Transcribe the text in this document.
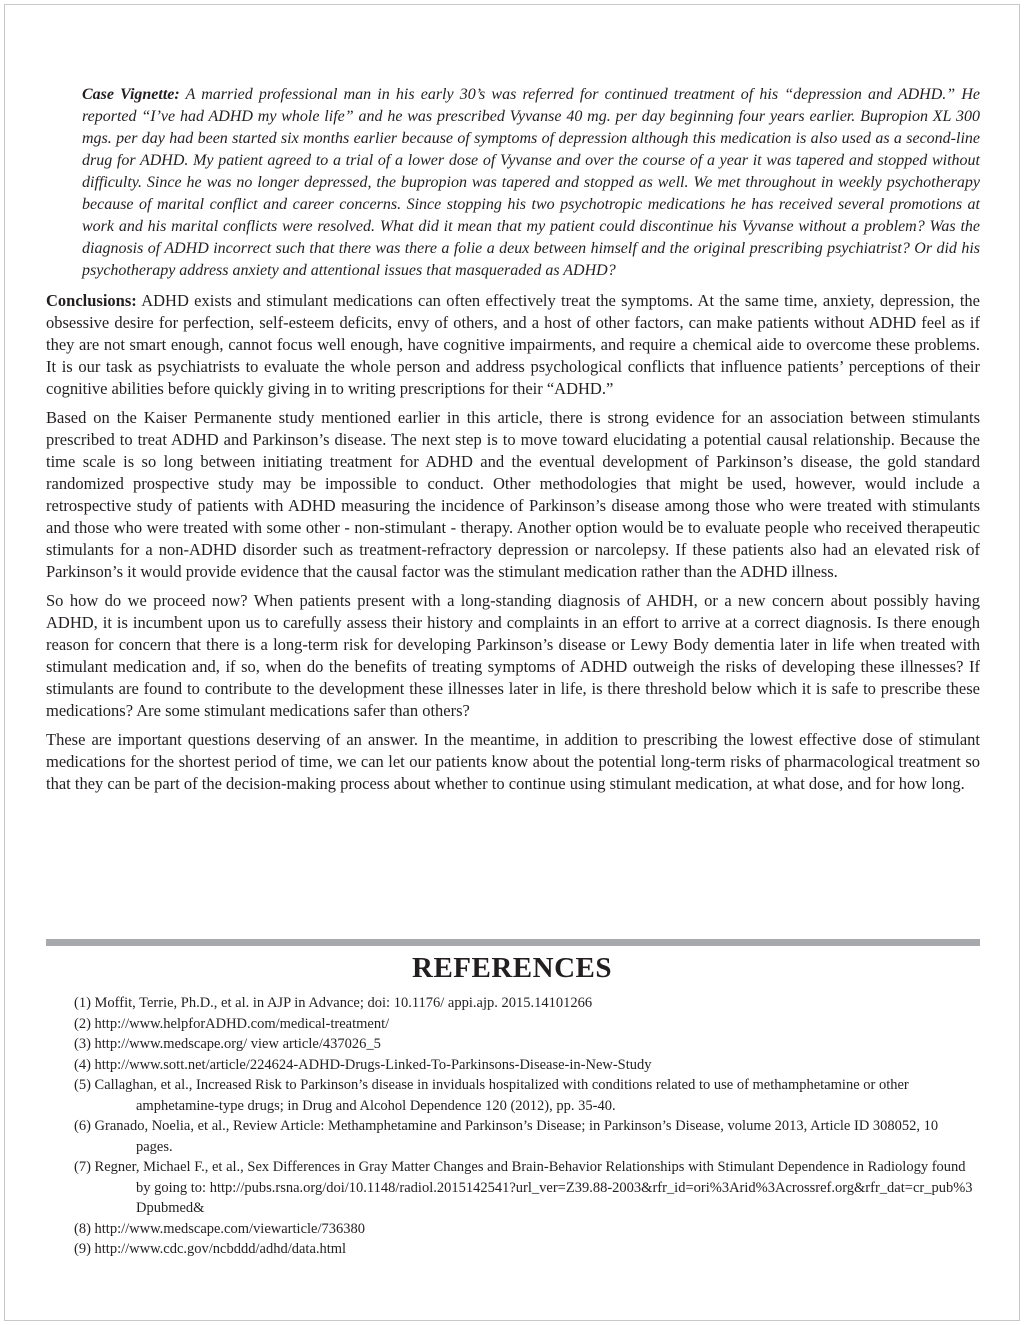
Case Vignette: A married professional man in his early 30’s was referred for continued treatment of his “depression and ADHD.” He reported “I’ve had ADHD my whole life” and he was prescribed Vyvanse 40 mg. per day beginning four years earlier. Bupropion XL 300 mgs. per day had been started six months earlier because of symptoms of depression although this medication is also used as a second-line drug for ADHD. My patient agreed to a trial of a lower dose of Vyvanse and over the course of a year it was tapered and stopped without difficulty. Since he was no longer depressed, the bupropion was tapered and stopped as well. We met throughout in weekly psychotherapy because of marital conflict and career concerns. Since stopping his two psychotropic medications he has received several promotions at work and his marital conflicts were resolved. What did it mean that my patient could discontinue his Vyvanse without a problem? Was the diagnosis of ADHD incorrect such that there was there a folie a deux between himself and the original prescribing psychiatrist? Or did his psychotherapy address anxiety and attentional issues that masqueraded as ADHD?
Conclusions: ADHD exists and stimulant medications can often effectively treat the symptoms. At the same time, anxiety, depression, the obsessive desire for perfection, self-esteem deficits, envy of others, and a host of other factors, can make patients without ADHD feel as if they are not smart enough, cannot focus well enough, have cognitive impairments, and require a chemical aide to overcome these problems. It is our task as psychiatrists to evaluate the whole person and address psychological conflicts that influence patients’ perceptions of their cognitive abilities before quickly giving in to writing prescriptions for their “ADHD.”
Based on the Kaiser Permanente study mentioned earlier in this article, there is strong evidence for an association between stimulants prescribed to treat ADHD and Parkinson’s disease. The next step is to move toward elucidating a potential causal relationship. Because the time scale is so long between initiating treatment for ADHD and the eventual development of Parkinson’s disease, the gold standard randomized prospective study may be impossible to conduct. Other methodologies that might be used, however, would include a retrospective study of patients with ADHD measuring the incidence of Parkinson’s disease among those who were treated with stimulants and those who were treated with some other - non-stimulant - therapy. Another option would be to evaluate people who received therapeutic stimulants for a non-ADHD disorder such as treatment-refractory depression or narcolepsy. If these patients also had an elevated risk of Parkinson’s it would provide evidence that the causal factor was the stimulant medication rather than the ADHD illness.
So how do we proceed now? When patients present with a long-standing diagnosis of AHDH, or a new concern about possibly having ADHD, it is incumbent upon us to carefully assess their history and complaints in an effort to arrive at a correct diagnosis. Is there enough reason for concern that there is a long-term risk for developing Parkinson’s disease or Lewy Body dementia later in life when treated with stimulant medication and, if so, when do the benefits of treating symptoms of ADHD outweigh the risks of developing these illnesses? If stimulants are found to contribute to the development these illnesses later in life, is there threshold below which it is safe to prescribe these medications? Are some stimulant medications safer than others?
These are important questions deserving of an answer. In the meantime, in addition to prescribing the lowest effective dose of stimulant medications for the shortest period of time, we can let our patients know about the potential long-term risks of pharmacological treatment so that they can be part of the decision-making process about whether to continue using stimulant medication, at what dose, and for how long.
REFERENCES
(1) Moffit, Terrie, Ph.D., et al. in AJP in Advance; doi: 10.1176/ appi.ajp. 2015.14101266
(2) http://www.helpforADHD.com/medical-treatment/
(3) http://www.medscape.org/ view article/437026_5
(4) http://www.sott.net/article/224624-ADHD-Drugs-Linked-To-Parkinsons-Disease-in-New-Study
(5) Callaghan, et al., Increased Risk to Parkinson’s disease in inviduals hospitalized with conditions related to use of methamphetamine or other amphetamine-type drugs; in Drug and Alcohol Dependence 120 (2012), pp. 35-40.
(6) Granado, Noelia, et al., Review Article: Methamphetamine and Parkinson’s Disease; in Parkinson’s Disease, volume 2013, Article ID 308052, 10 pages.
(7) Regner, Michael F., et al., Sex Differences in Gray Matter Changes and Brain-Behavior Relationships with Stimulant Dependence in Radiology found by going to: http://pubs.rsna.org/doi/10.1148/radiol.2015142541?url_ver=Z39.88-2003&rfr_id=ori%3Arid%3Acrossref.org&rfr_dat=cr_pub%3Dpubmed&
(8) http://www.medscape.com/viewarticle/736380
(9) http://www.cdc.gov/ncbddd/adhd/data.html
